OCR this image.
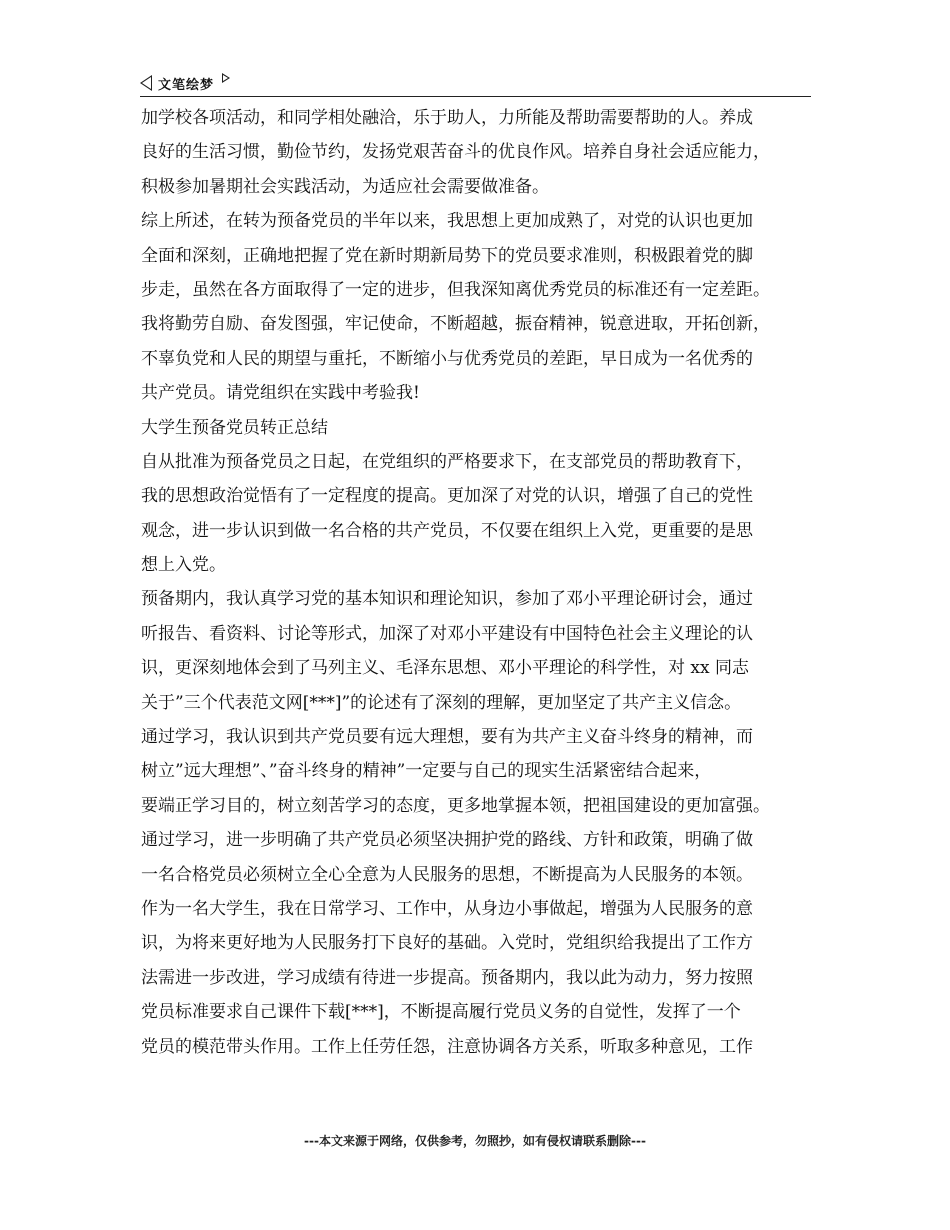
文笔绘梦
加学校各项活动，和同学相处融洽，乐于助人，力所能及帮助需要帮助的人。养成
良好的生活习惯，勤俭节约，发扬党艰苦奋斗的优良作风。培养自身社会适应能力，
积极参加暑期社会实践活动，为适应社会需要做准备。
综上所述，在转为预备党员的半年以来，我思想上更加成熟了，对党的认识也更加
全面和深刻，正确地把握了党在新时期新局势下的党员要求准则，积极跟着党的脚
步走，虽然在各方面取得了一定的进步，但我深知离优秀党员的标准还有一定差距。
我将勤劳自励、奋发图强，牢记使命，不断超越，振奋精神，锐意进取，开拓创新，
不辜负党和人民的期望与重托，不断缩小与优秀党员的差距，早日成为一名优秀的
共产党员。请党组织在实践中考验我!
大学生预备党员转正总结
自从批准为预备党员之日起，在党组织的严格要求下，在支部党员的帮助教育下，
我的思想政治觉悟有了一定程度的提高。更加深了对党的认识，增强了自己的党性
观念，进一步认识到做一名合格的共产党员，不仅要在组织上入党，更重要的是思
想上入党。
预备期内，我认真学习党的基本知识和理论知识，参加了邓小平理论研讨会，通过
听报告、看资料、讨论等形式，加深了对邓小平建设有中国特色社会主义理论的认
识，更深刻地体会到了马列主义、毛泽东思想、邓小平理论的科学性，对 xx 同志
关于”三个代表范文网[***]”的论述有了深刻的理解，更加坚定了共产主义信念。
通过学习，我认识到共产党员要有远大理想，要有为共产主义奋斗终身的精神，而
树立”远大理想”、”奋斗终身的精神”一定要与自己的现实生活紧密结合起来，
要端正学习目的，树立刻苦学习的态度，更多地掌握本领，把祖国建设的更加富强。
通过学习，进一步明确了共产党员必须坚决拥护党的路线、方针和政策，明确了做
一名合格党员必须树立全心全意为人民服务的思想，不断提高为人民服务的本领。
作为一名大学生，我在日常学习、工作中，从身边小事做起，增强为人民服务的意
识，为将来更好地为人民服务打下良好的基础。入党时，党组织给我提出了工作方
法需进一步改进，学习成绩有待进一步提高。预备期内，我以此为动力，努力按照
党员标准要求自己课件下载[***]，不断提高履行党员义务的自觉性，发挥了一个
党员的模范带头作用。工作上任劳任怨，注意协调各方关系，听取多种意见，工作
---本文来源于网络，仅供参考，勿照抄，如有侵权请联系删除---
